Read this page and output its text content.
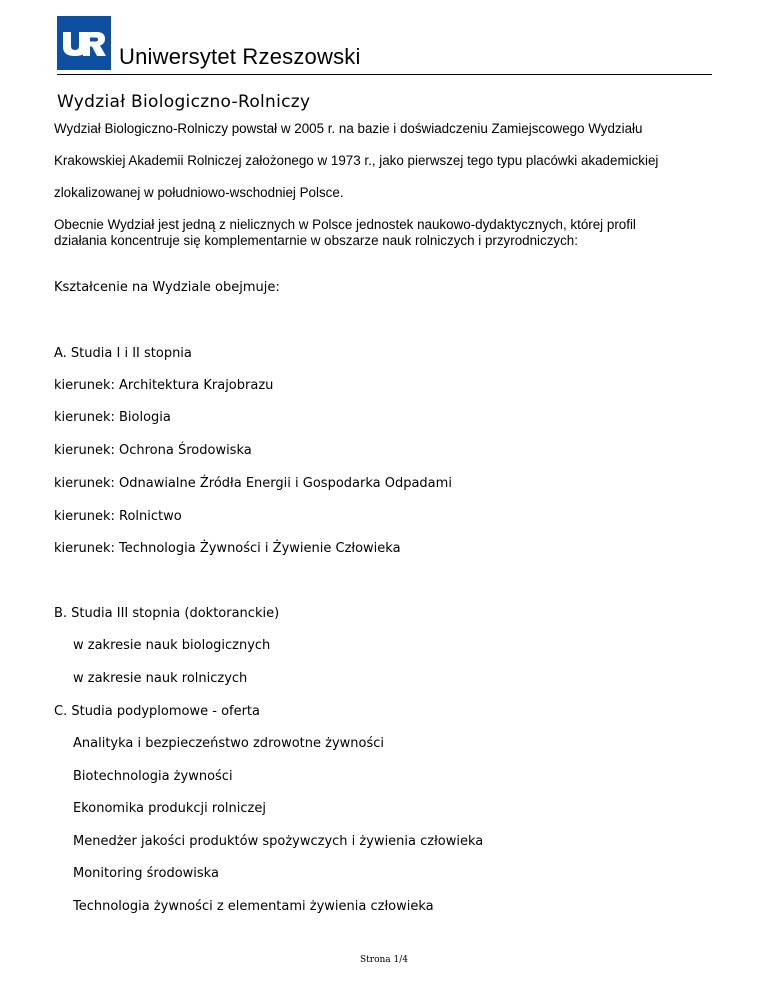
Uniwersytet Rzeszowski
Wydział Biologiczno-Rolniczy
Wydział Biologiczno-Rolniczy powstał w 2005 r. na bazie i doświadczeniu Zamiejscowego Wydziału
Krakowskiej Akademii Rolniczej założonego w 1973 r., jako pierwszej tego typu placówki akademickiej
zlokalizowanej w południowo-wschodniej Polsce.
Obecnie Wydział jest jedną z nielicznych w Polsce jednostek naukowo-dydaktycznych, której profil
działania koncentruje się komplementarnie w obszarze nauk rolniczych i przyrodniczych:
Kształcenie na Wydziale obejmuje:
A. Studia I i II stopnia
kierunek: Architektura Krajobrazu
kierunek: Biologia
kierunek: Ochrona Środowiska
kierunek: Odnawialne Źródła Energii i Gospodarka Odpadami
kierunek: Rolnictwo
kierunek: Technologia Żywności i Żywienie Człowieka
B. Studia III stopnia (doktoranckie)
w zakresie nauk biologicznych
w zakresie nauk rolniczych
C. Studia podyplomowe - oferta
Analityka i bezpieczeństwo zdrowotne żywności
Biotechnologia żywności
Ekonomika produkcji rolniczej
Menedżer jakości produktów spożywczych i żywienia człowieka
Monitoring środowiska
Technologia żywności z elementami żywienia człowieka
Strona 1/4
